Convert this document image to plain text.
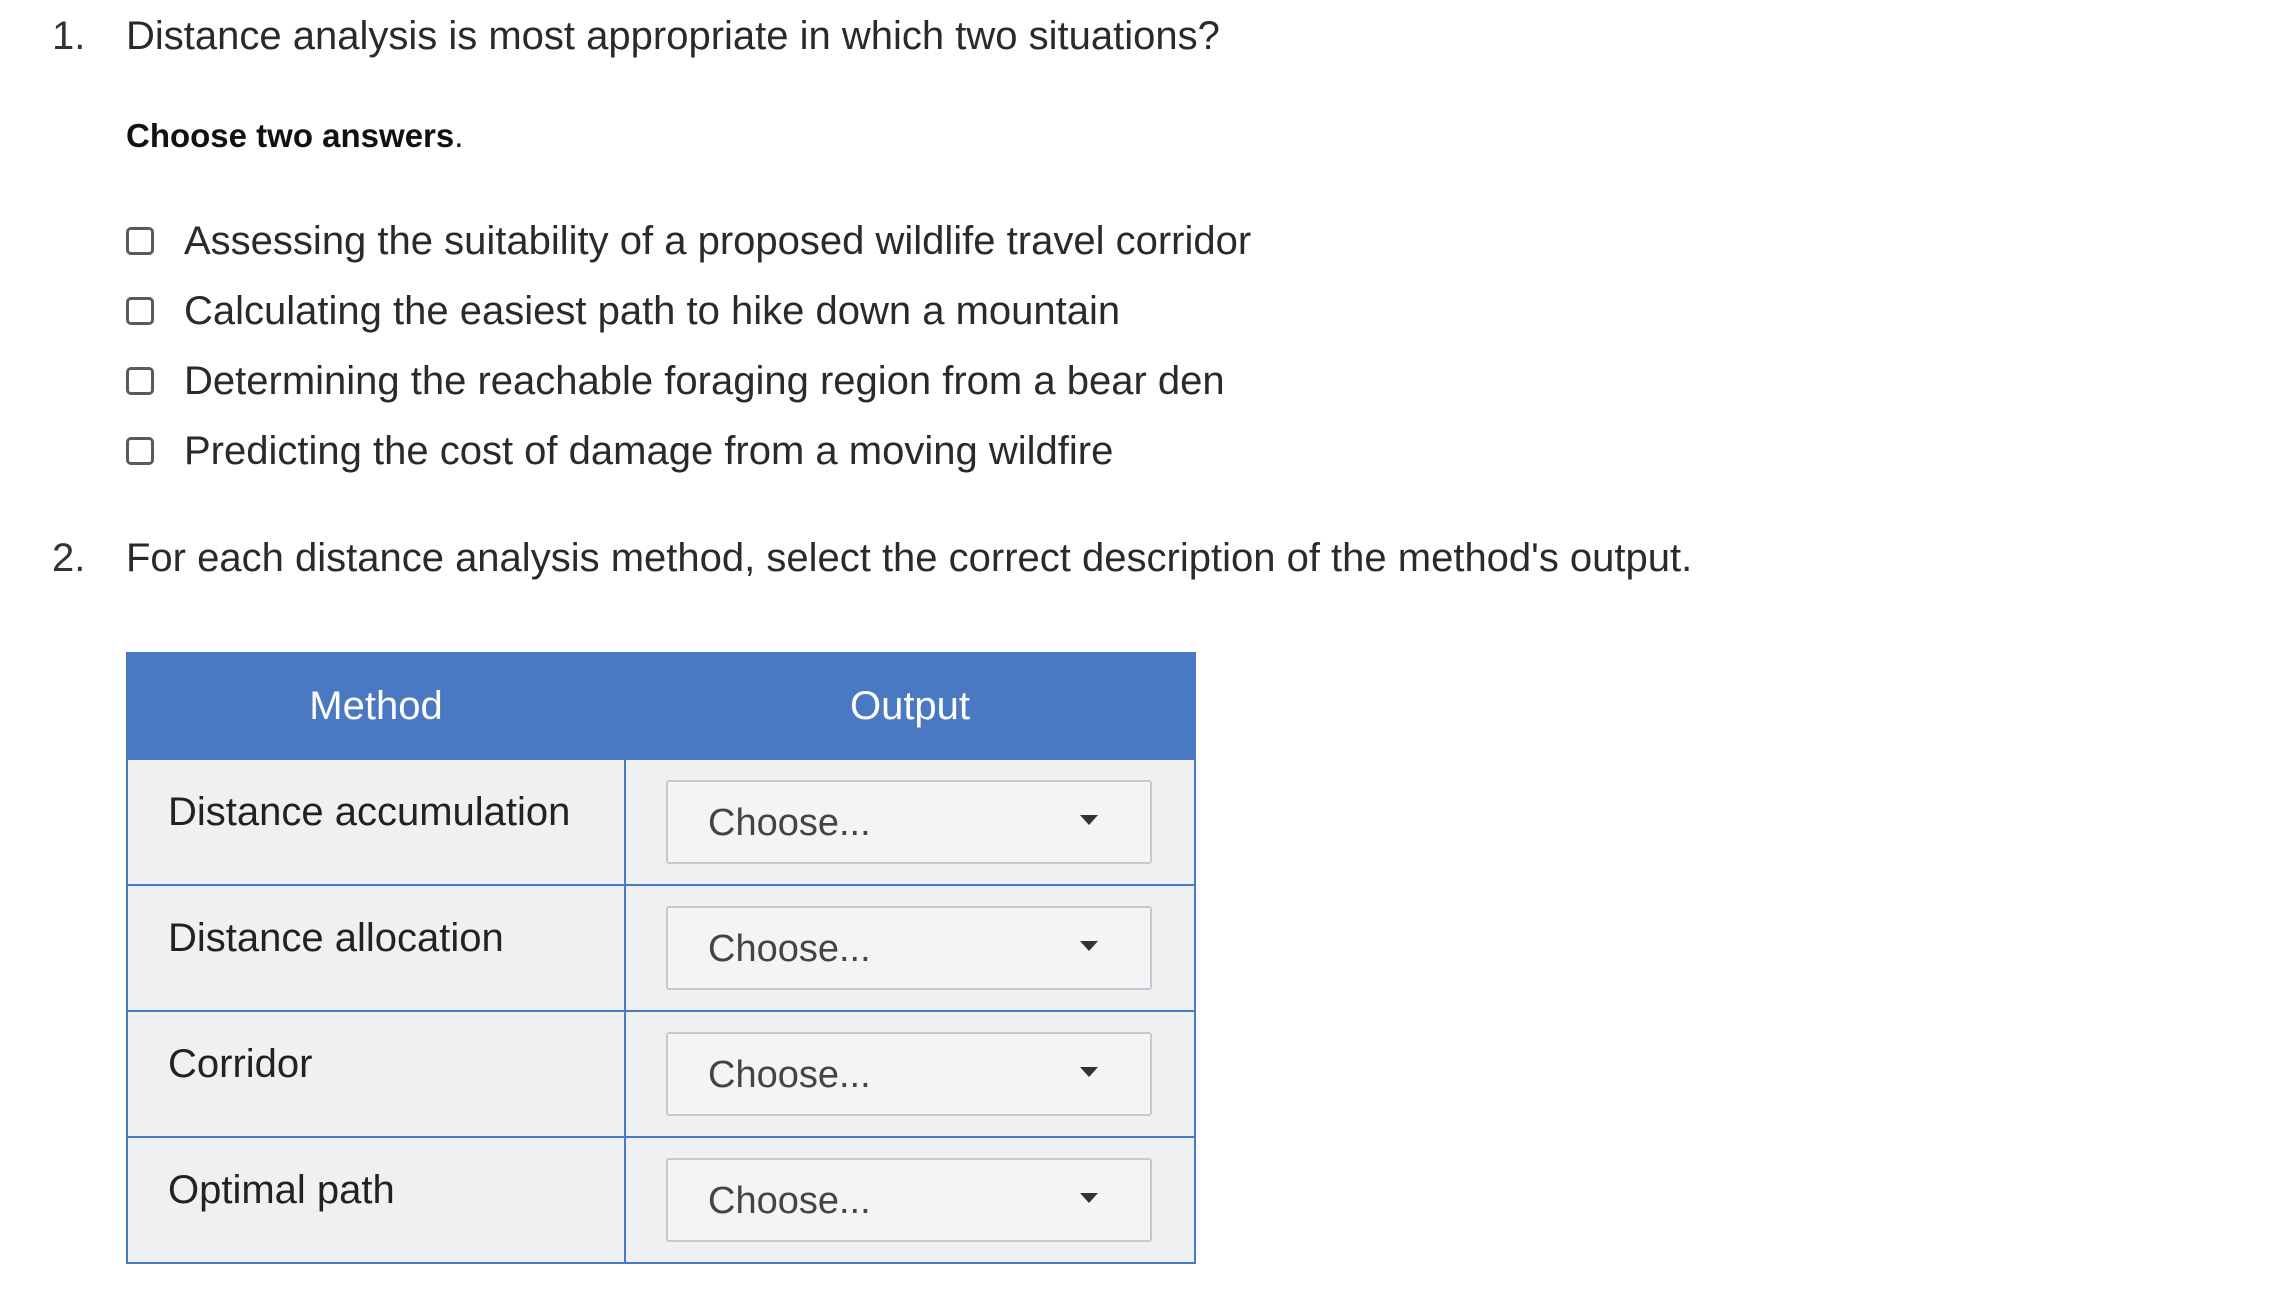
1. Distance analysis is most appropriate in which two situations?
Choose two answers.
Assessing the suitability of a proposed wildlife travel corridor
Calculating the easiest path to hike down a mountain
Determining the reachable foraging region from a bear den
Predicting the cost of damage from a moving wildfire
2. For each distance analysis method, select the correct description of the method's output.
Method	Output

Distance accumulation	Choose...

Distance allocation	Choose...

Corridor	Choose...

Optimal path	Choose...
